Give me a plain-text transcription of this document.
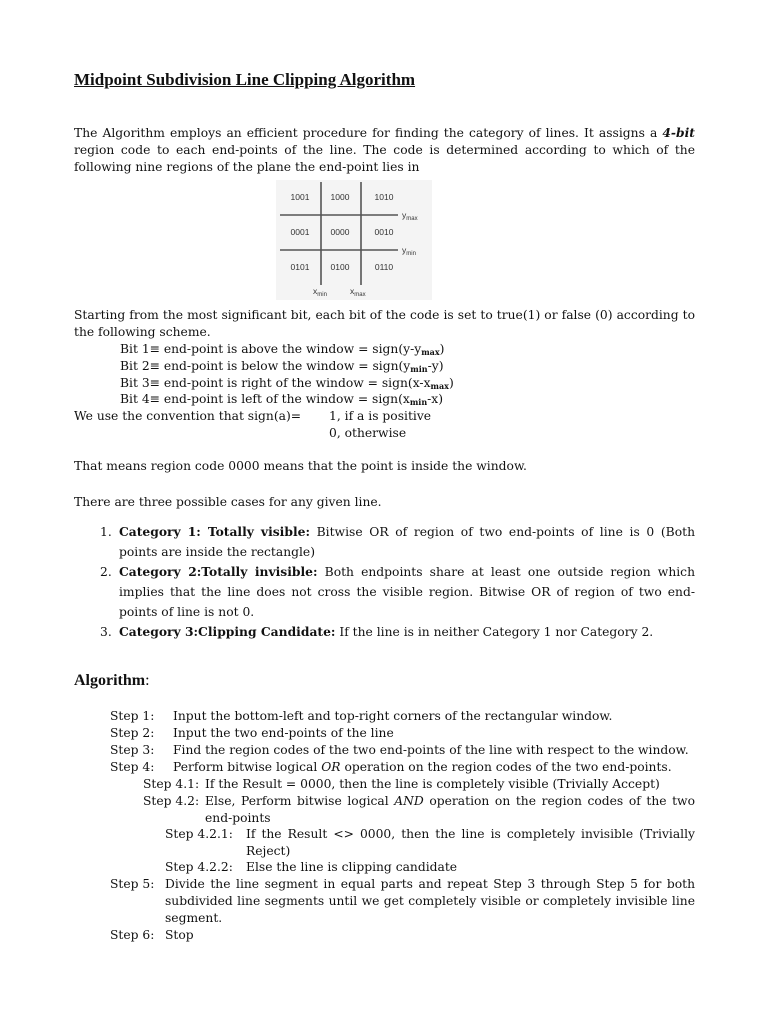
Midpoint Subdivision Line Clipping Algorithm
The Algorithm employs an efficient procedure for finding the category of lines. It assigns a 4-bit region code to each end-points of the line. The code is determined according to which of the following nine regions of the plane the end-point lies in
1001 1000	1010
0001 0000	0010
0101 0100	0110
$y_{max}$
$y_{min}$
$x_{min}$	$x_{max}$
Starting from the most significant bit, each bit of the code is set to true(1) or false (0) according to the following scheme.
Bit 1≡ end-point is above the window = $sign(y-y_{max})$
Bit 2≡ end-point is below the window = $sign(y_{min}-y)$
Bit 3≡ end-point is right of the window = $sign(x-x_{max})$
Bit 4≡ end-point is left of the window = $sign(x_{min}-x)$
We use the convention that sign(a)= 1, if a is positive
0, otherwise
That means region code 0000 means that the point is inside the window.
There are three possible cases for any given line.
1. Category 1: Totally visible: Bitwise OR of region of two end-points of line is 0 (Both points are inside the rectangle)
2. Category 2:Totally invisible: Both endpoints share at least one outside region which implies that the line does not cross the visible region. Bitwise OR of region of two end-points of line is not 0.
3. Category 3:Clipping Candidate: If the line is in neither Category 1 nor Category 2.
Algorithm:
Step 1: Input the bottom-left and top-right corners of the rectangular window.
Step 2: Input the two end-points of the line
Step 3: Find the region codes of the two end-points of the line with respect to the window.
Step 4: Perform bitwise logical OR operation on the region codes of the two end-points.
Step 4.1: If the Result = 0000, then the line is completely visible (Trivially Accept)
Step 4.2: Else, Perform bitwise logical AND operation on the region codes of the two end-points
Step 4.2.1: If the Result <> 0000, then the line is completely invisible (Trivially Reject)
Step 4.2.2: Else the line is clipping candidate
Step 5: Divide the line segment in equal parts and repeat Step 3 through Step 5 for both subdivided line segments until we get completely visible or completely invisible line segment.
Step 6: Stop
